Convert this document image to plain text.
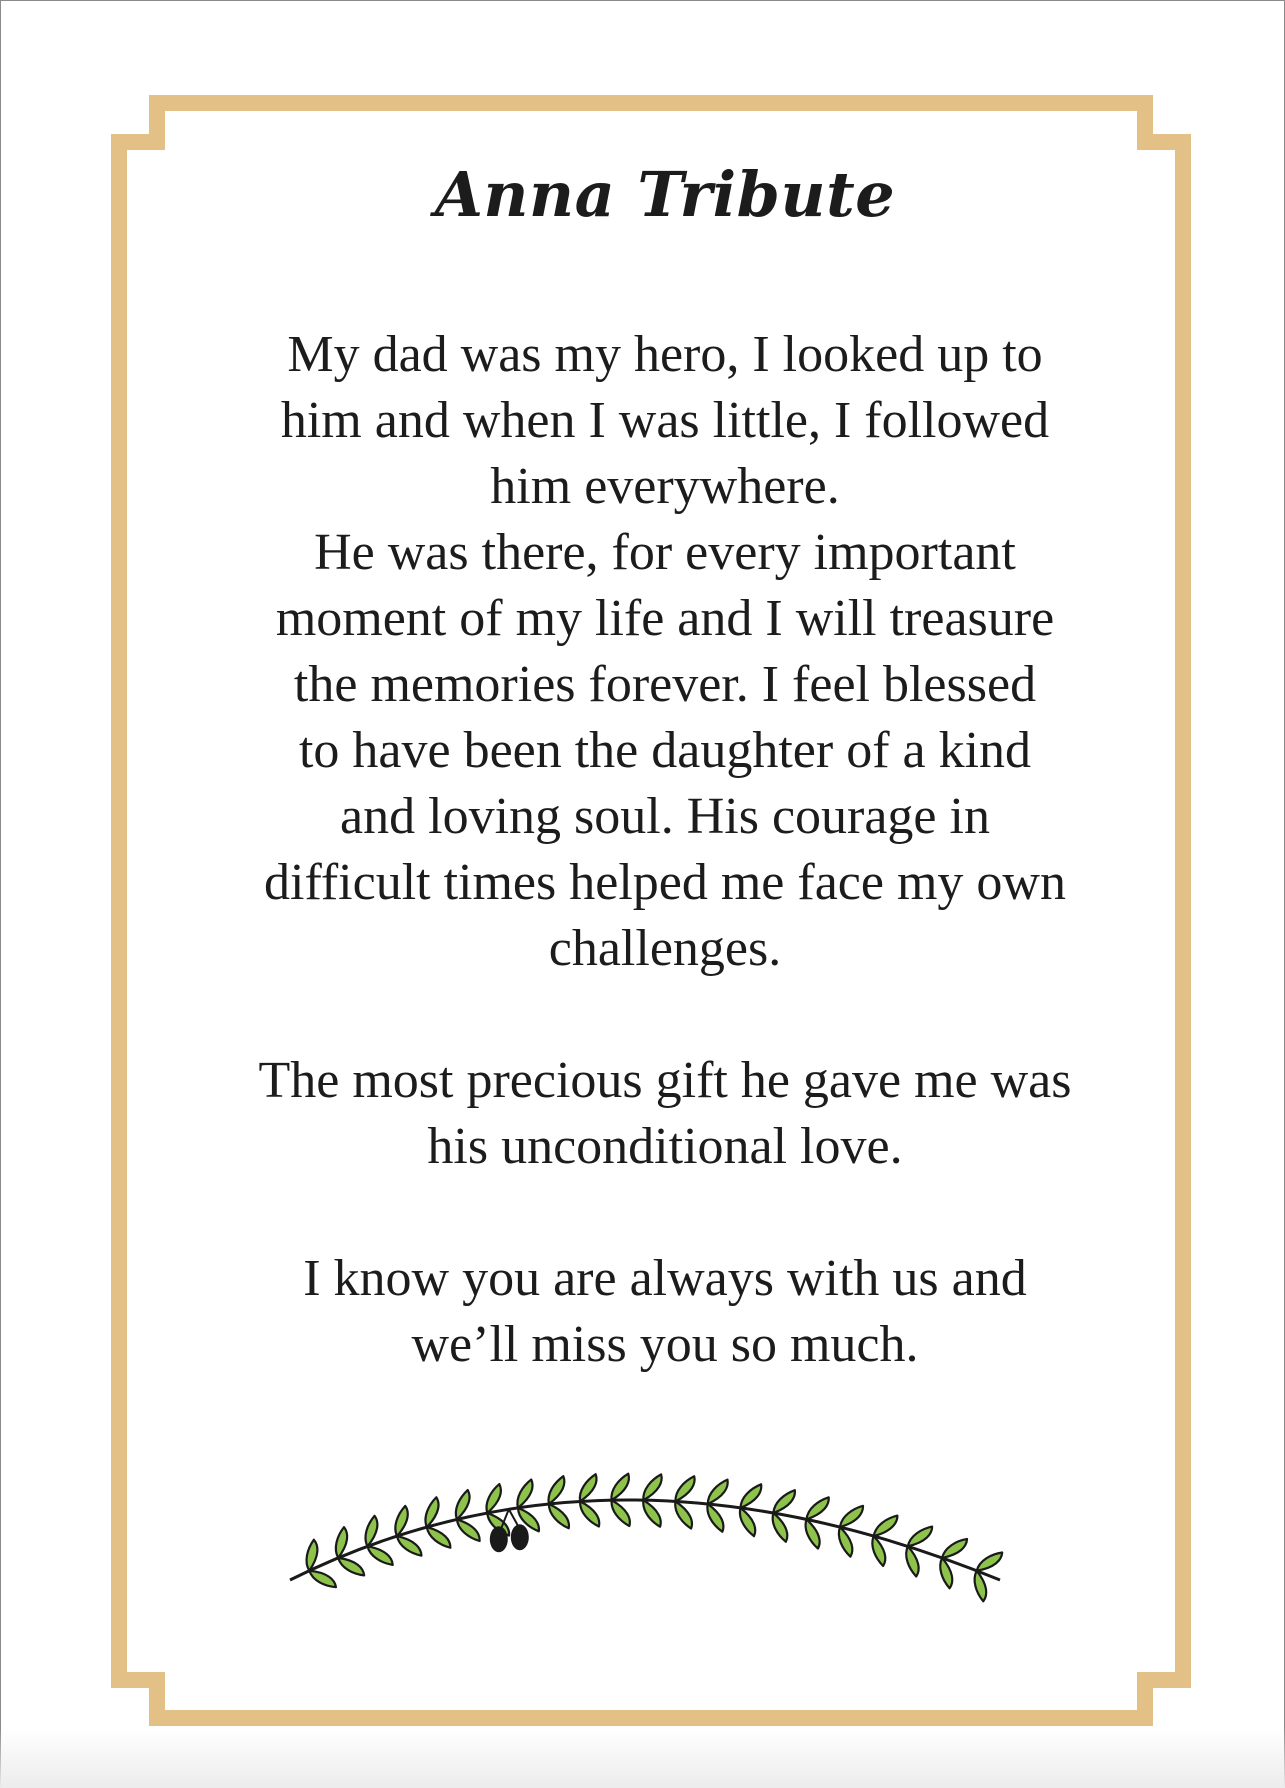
Anna Tribute

My dad was my hero, I looked up to
him and when I was little, I followed
him everywhere.
He was there, for every important
moment of my life and I will treasure
the memories forever. I feel blessed
to have been the daughter of a kind
and loving soul. His courage in
difficult times helped me face my own
challenges.

The most precious gift he gave me was
his unconditional love.

I know you are always with us and
we’ll miss you so much.
